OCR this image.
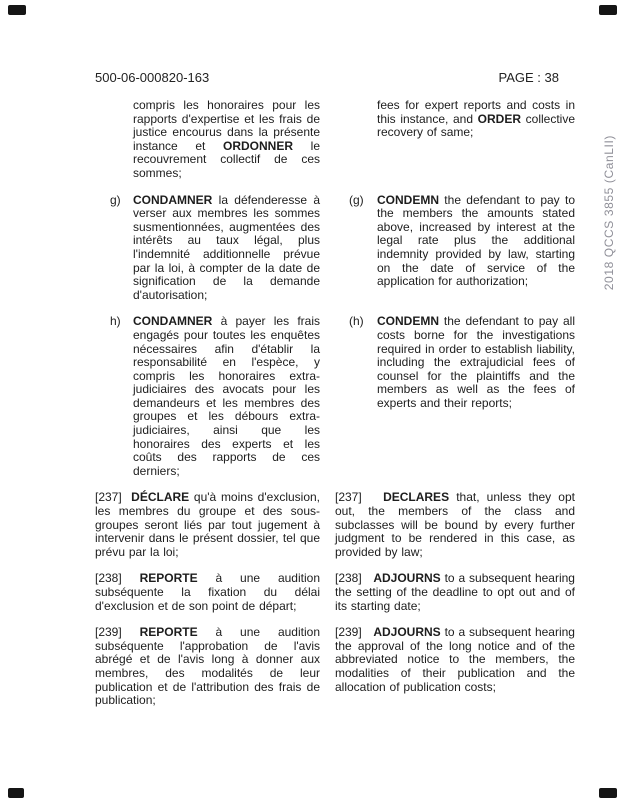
500-06-000820-163	PAGE : 38
2018 QCCS 3855 (CanLII)
compris les honoraires pour les rapports d'expertise et les frais de justice encourus dans la présente instance et ORDONNER le recouvrement collectif de ces sommes;
fees for expert reports and costs in this instance, and ORDER collective recovery of same;
g) CONDAMNER la défenderesse à verser aux membres les sommes susmentionnées, augmentées des intérêts au taux légal, plus l'indemnité additionnelle prévue par la loi, à compter de la date de signification de la demande d'autorisation;
(g) CONDEMN the defendant to pay to the members the amounts stated above, increased by interest at the legal rate plus the additional indemnity provided by law, starting on the date of service of the application for authorization;
h) CONDAMNER à payer les frais engagés pour toutes les enquêtes nécessaires afin d'établir la responsabilité en l'espèce, y compris les honoraires extra-judiciaires des avocats pour les demandeurs et les membres des groupes et les débours extra-judiciaires, ainsi que les honoraires des experts et les coûts des rapports de ces derniers;
(h) CONDEMN the defendant to pay all costs borne for the investigations required in order to establish liability, including the extrajudicial fees of counsel for the plaintiffs and the members as well as the fees of experts and their reports;
[237]  DÉCLARE qu'à moins d'exclusion, les membres du groupe et des sous-groupes seront liés par tout jugement à intervenir dans le présent dossier, tel que prévu par la loi;
[237]   DECLARES that, unless they opt out, the members of the class and subclasses will be bound by every further judgment to be rendered in this case, as provided by law;
[238] REPORTE à une audition subséquente la fixation du délai d'exclusion et de son point de départ;
[238]   ADJOURNS to a subsequent hearing the setting of the deadline to opt out and of its starting date;
[239] REPORTE à une audition subséquente l'approbation de l'avis abrégé et de l'avis long à donner aux membres, des modalités de leur publication et de l'attribution des frais de publication;
[239]   ADJOURNS to a subsequent hearing the approval of the long notice and of the abbreviated notice to the members, the modalities of their publication and the allocation of publication costs;
